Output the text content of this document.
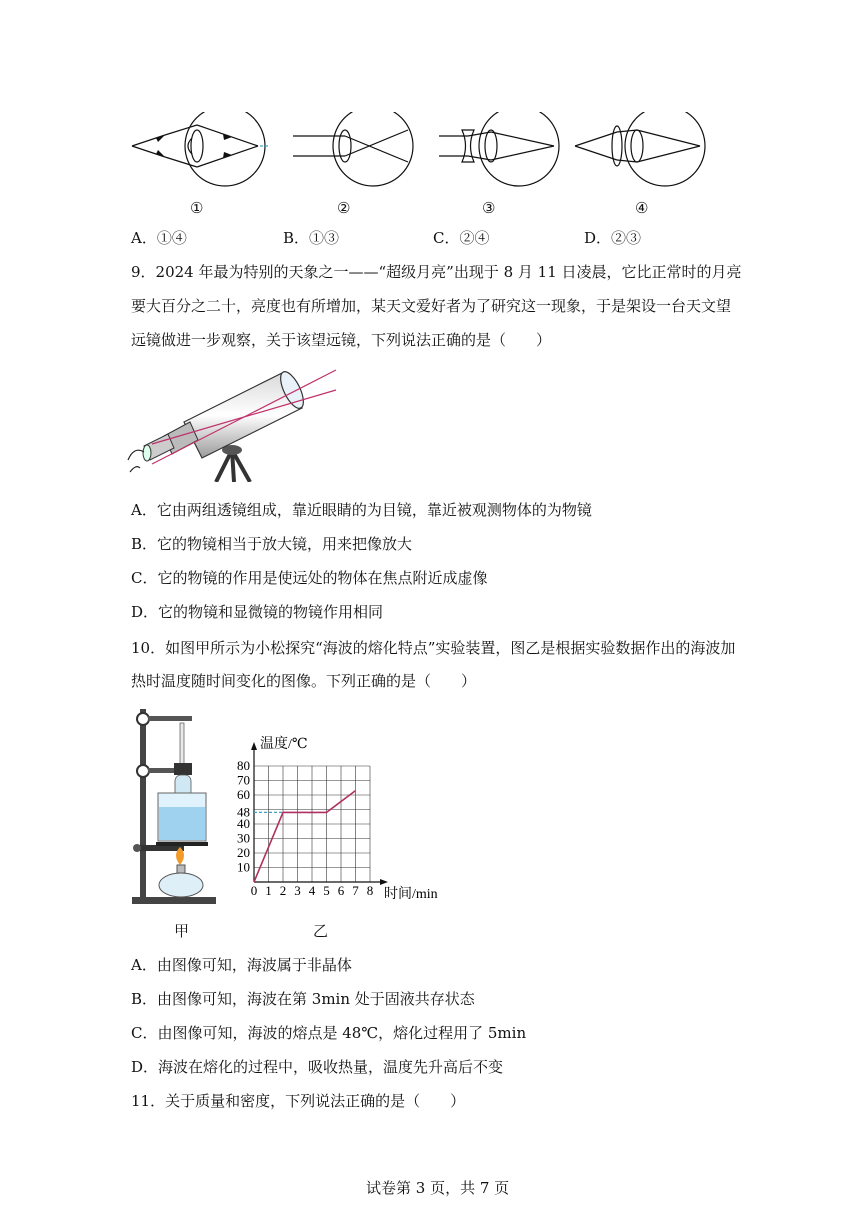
①	②	③	④
A．①④	B．①③	C．②④	D．②③
9．2024 年最为特别的天象之一——“超级月亮”出现于 8 月 11 日凌晨，它比正常时的月亮
要大百分之二十，亮度也有所增加，某天文爱好者为了研究这一现象，于是架设一台天文望
远镜做进一步观察，关于该望远镜，下列说法正确的是（　　）
A．它由两组透镜组成，靠近眼睛的为目镜，靠近被观测物体的为物镜
B．它的物镜相当于放大镜，用来把像放大
C．它的物镜的作用是使远处的物体在焦点附近成虚像
D．它的物镜和显微镜的物镜作用相同
10．如图甲所示为小松探究“海波的熔化特点”实验装置，图乙是根据实验数据作出的海波加
热时温度随时间变化的图像。下列正确的是（　　）
甲
0 1 2 3 4 5 6 7 8
10
20
30
40
48
60
70
80
温度/℃
时间/min
乙
A．由图像可知，海波属于非晶体
B．由图像可知，海波在第 3min 处于固液共存状态
C．由图像可知，海波的熔点是 48℃，熔化过程用了 5min
D．海波在熔化的过程中，吸收热量，温度先升高后不变
11．关于质量和密度，下列说法正确的是（　　）
试卷第 3 页，共 7 页
